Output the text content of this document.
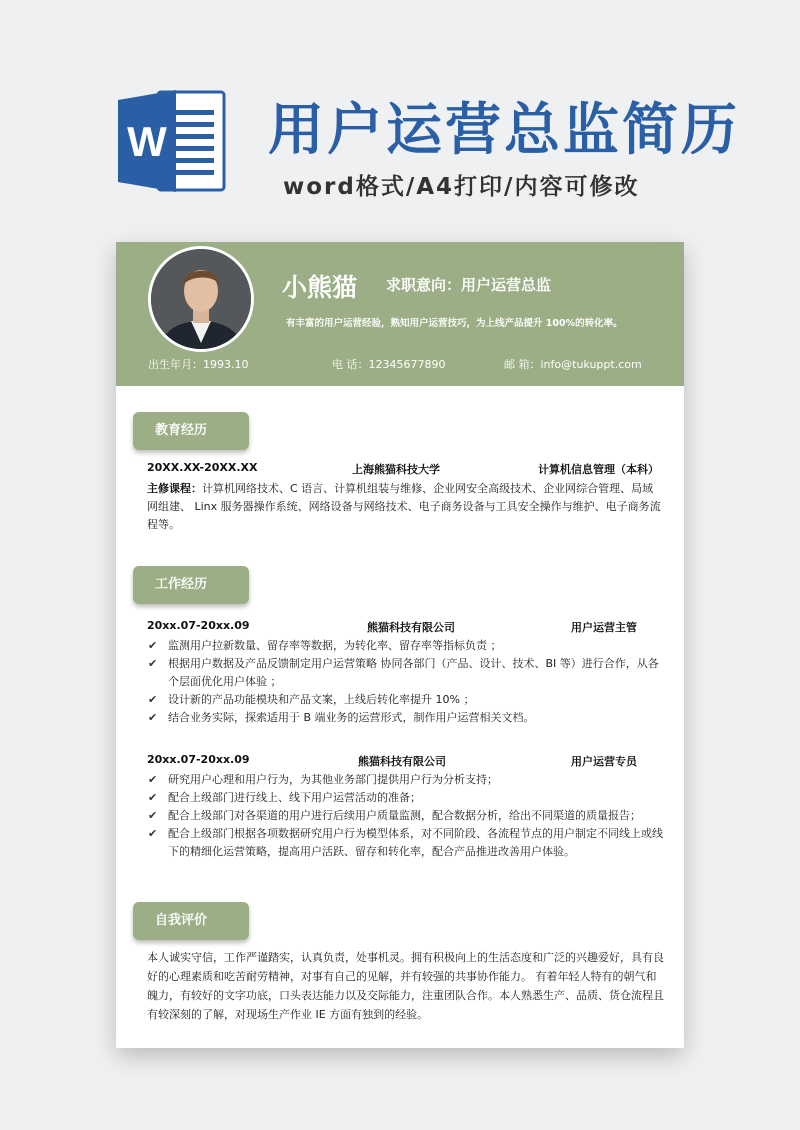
W 用户运营总监简历
word格式/A4打印/内容可修改
小熊猫 求职意向：用户运营总监
有丰富的用户运营经验，熟知用户运营技巧，为上线产品提升 100%的转化率。
出生年月：1993.10	电 话：12345677890	邮 箱：info@tukuppt.com
教育经历
20XX.XX-20XX.XX	上海熊猫科技大学	计算机信息管理（本科）
主修课程：计算机网络技术、C 语言、计算机组装与维修、企业网安全高级技术、企业网综合管理、局域网组建、 Linx 服务器操作系统、网络设备与网络技术、电子商务设备与工具安全操作与维护、电子商务流程等。
工作经历
20xx.07-20xx.09	熊猫科技有限公司	用户运营主管
✔ 监测用户拉新数量、留存率等数据，为转化率、留存率等指标负责 ；
✔ 根据用户数据及产品反馈制定用户运营策略 协同各部门（产品、设计、技术、BI 等）进行合作，从各个层面优化用户体验 ；
✔ 设计新的产品功能模块和产品文案，上线后转化率提升 10% ；
✔ 结合业务实际，探索适用于 B 端业务的运营形式，制作用户运营相关文档。
20xx.07-20xx.09	熊猫科技有限公司	用户运营专员
✔ 研究用户心理和用户行为，为其他业务部门提供用户行为分析支持；
✔ 配合上级部门进行线上、线下用户运营活动的准备；
✔ 配合上级部门对各渠道的用户进行后续用户质量监测，配合数据分析，给出不同渠道的质量报告；
✔ 配合上级部门根据各项数据研究用户行为模型体系，对不同阶段、各流程节点的用户制定不同线上或线下的精细化运营策略，提高用户活跃、留存和转化率，配合产品推进改善用户体验。
自我评价
本人诚实守信，工作严谨踏实，认真负责，处事机灵。拥有积极向上的生活态度和广泛的兴趣爱好，具有良好的心理素质和吃苦耐劳精神，对事有自己的见解，并有较强的共事协作能力。 有着年轻人特有的朝气和魄力，有较好的文字功底，口头表达能力以及交际能力，注重团队合作。本人熟悉生产、品质、货仓流程且有较深刻的了解，对现场生产作业 IE 方面有独到的经验。
